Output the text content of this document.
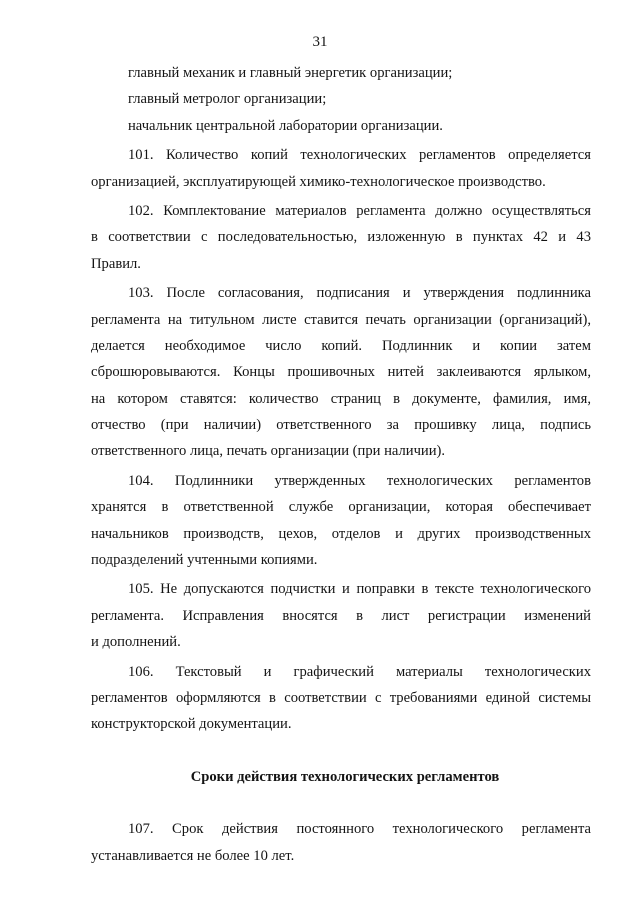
31
главный механик и главный энергетик организации;
главный метролог организации;
начальник центральной лаборатории организации.
101. Количество копий технологических регламентов определяется
организацией, эксплуатирующей химико-технологическое производство.
102. Комплектование материалов регламента должно осуществляться
в соответствии с последовательностью, изложенную в пунктах 42 и 43
Правил.
103. После согласования, подписания и утверждения подлинника
регламента на титульном листе ставится печать организации (организаций),
делается необходимое число копий. Подлинник и копии затем
сброшюровываются. Концы прошивочных нитей заклеиваются ярлыком,
на котором ставятся: количество страниц в документе, фамилия, имя,
отчество (при наличии) ответственного за прошивку лица, подпись
ответственного лица, печать организации (при наличии).
104. Подлинники утвержденных технологических регламентов
хранятся в ответственной службе организации, которая обеспечивает
начальников производств, цехов, отделов и других производственных
подразделений учтенными копиями.
105. Не допускаются подчистки и поправки в тексте технологического
регламента. Исправления вносятся в лист регистрации изменений
и дополнений.
106. Текстовый и графический материалы технологических
регламентов оформляются в соответствии с требованиями единой системы
конструкторской документации.
Сроки действия технологических регламентов
107. Срок действия постоянного технологического регламента
устанавливается не более 10 лет.
